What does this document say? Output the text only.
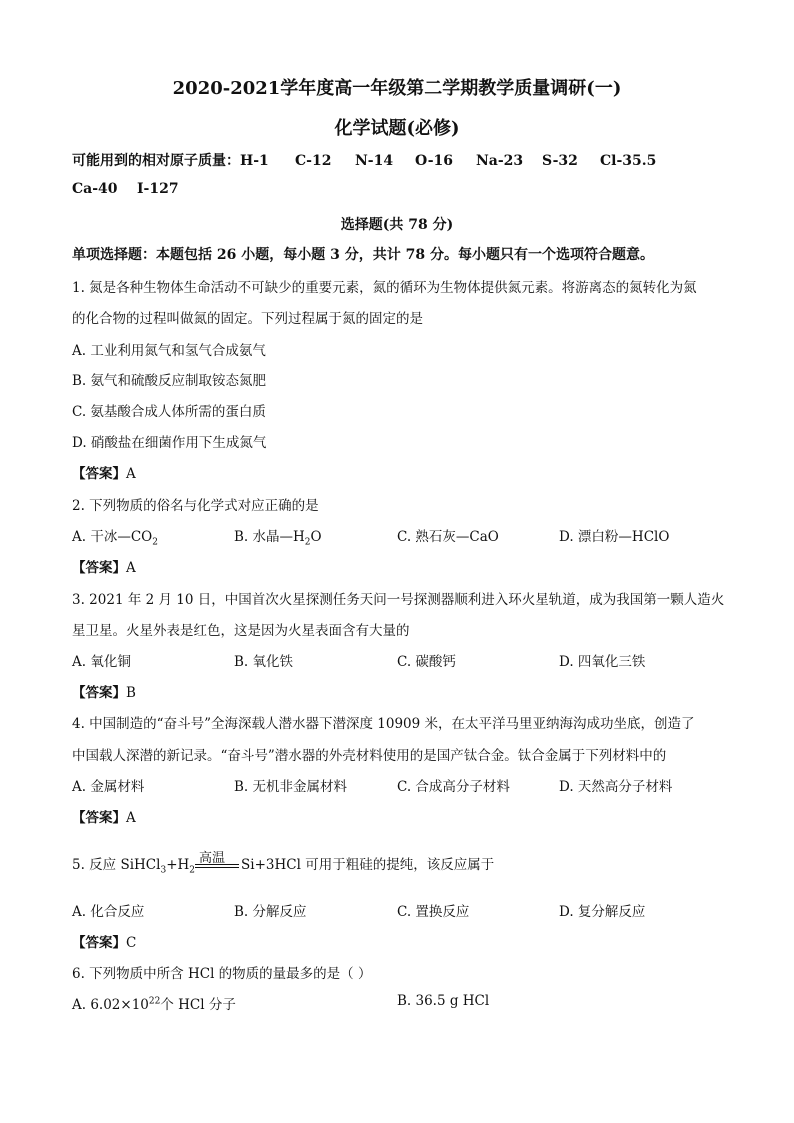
2020-2021学年度高一年级第二学期教学质量调研(一)
化学试题(必修)
可能用到的相对原子质量：H-1 C-12 N-14 O-16 Na-23 S-32 Cl-35.5
Ca-40 I-127
选择题(共 78 分)
单项选择题：本题包括 26 小题，每小题 3 分，共计 78 分。每小题只有一个选项符合题意。
1. 氮是各种生物体生命活动不可缺少的重要元素，氮的循环为生物体提供氮元素。将游离态的氮转化为氮
的化合物的过程叫做氮的固定。下列过程属于氮的固定的是
A. 工业利用氮气和氢气合成氨气
B. 氨气和硫酸反应制取铵态氮肥
C. 氨基酸合成人体所需的蛋白质
D. 硝酸盐在细菌作用下生成氮气
【答案】A
2. 下列物质的俗名与化学式对应正确的是
A. 干冰$—CO_2$	B. 水晶$—H_2O$	C. 熟石灰—CaO	D. 漂白粉—HClO
【答案】A
3. 2021 年 2 月 10 日，中国首次火星探测任务天问一号探测器顺利进入环火星轨道，成为我国第一颗人造火
星卫星。火星外表是红色，这是因为火星表面含有大量的
A. 氧化铜	B. 氧化铁	C. 碳酸钙	D. 四氧化三铁
【答案】B
4. 中国制造的“奋斗号”全海深载人潜水器下潜深度 10909 米，在太平洋马里亚纳海沟成功坐底，创造了
中国载人深潜的新记录。“奋斗号”潜水器的外壳材料使用的是国产钛合金。钛合金属于下列材料中的
A. 金属材料	B. 无机非金属材料	C. 合成高分子材料	D. 天然高分子材料
【答案】A
5. 反应 $SiHCl_3+H_2$
高温 Si+3HCl 可用于粗硅的提纯，该反应属于
A. 化合反应	B. 分解反应	C. 置换反应	D. 复分解反应
【答案】C
6. 下列物质中所含 HCl 的物质的量最多的是（ ）
A. $6.02\times 10^{22}$个 HCl 分子	B. 36.5 g HCl
